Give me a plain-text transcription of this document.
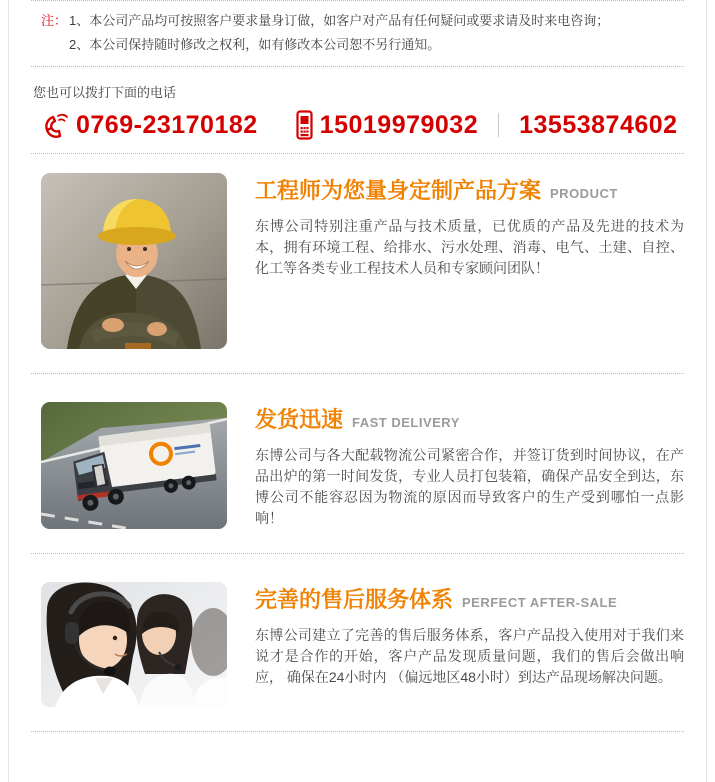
注： 1、本公司产品均可按照客户要求量身订做，如客户对产品有任何疑问或要求请及时来电咨询；
2、本公司保持随时修改之权利，如有修改本公司恕不另行通知。
您也可以拨打下面的电话
0769-23170182 15019979032 13553874602
工程师为您量身定制产品方案 PRODUCT
东博公司特别注重产品与技术质量，已优质的产品及先进的技术为本，拥有环境工程、给排水、污水处理、消毒、电气、土建、自控、化工等各类专业工程技术人员和专家顾问团队！
发货迅速 FAST DELIVERY
东博公司与各大配载物流公司紧密合作，并签订货到时间协议，在产品出炉的第一时间发货，专业人员打包装箱，确保产品安全到达，东博公司不能容忍因为物流的原因而导致客户的生产受到哪怕一点影响！
完善的售后服务体系 PERFECT AFTER-SALE
东博公司建立了完善的售后服务体系，客户产品投入使用对于我们来说才是合作的开始，客户产品发现质量问题，我们的售后会做出响应， 确保在24小时内 （偏远地区48小时）到达产品现场解决问题。
